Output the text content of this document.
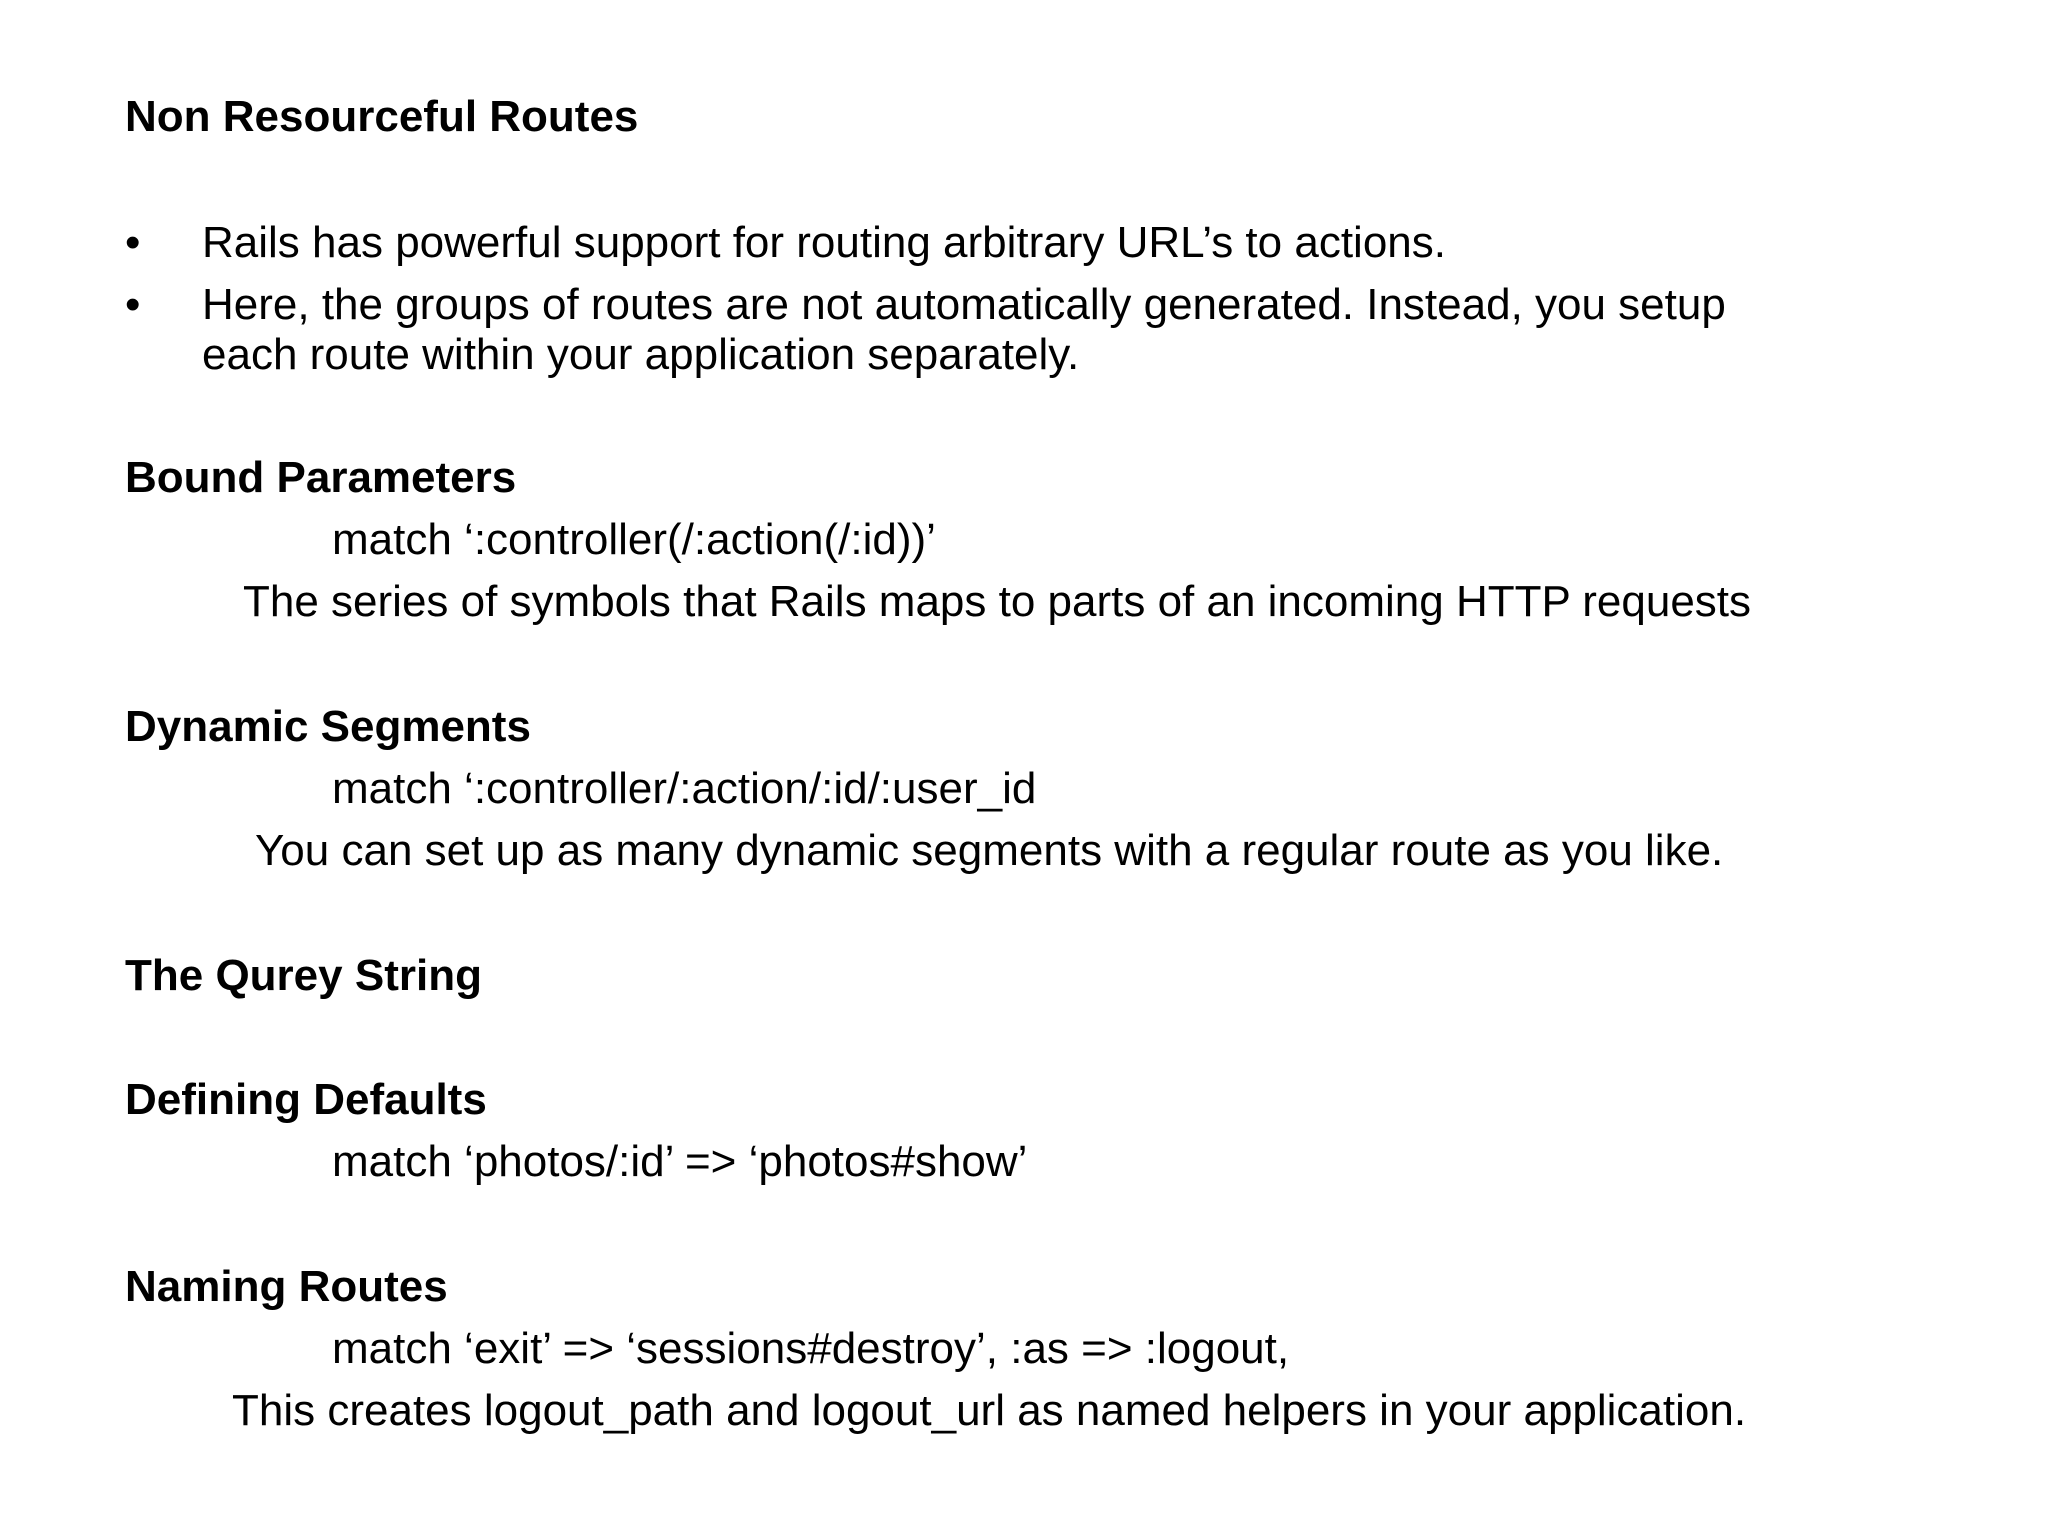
Non Resourceful Routes
• Rails has powerful support for routing arbitrary URL’s to actions.
• Here, the groups of routes are not automatically generated. Instead, you setup
each route within your application separately.
Bound Parameters
match ‘:controller(/:action(/:id))’
The series of symbols that Rails maps to parts of an incoming HTTP requests
Dynamic Segments
match ‘:controller/:action/:id/:user_id
You can set up as many dynamic segments with a regular route as you like.
The Qurey String
Defining Defaults
match ‘photos/:id’ => ‘photos#show’
Naming Routes
match ‘exit’ => ‘sessions#destroy’, :as => :logout,
This creates logout_path and logout_url as named helpers in your application.
